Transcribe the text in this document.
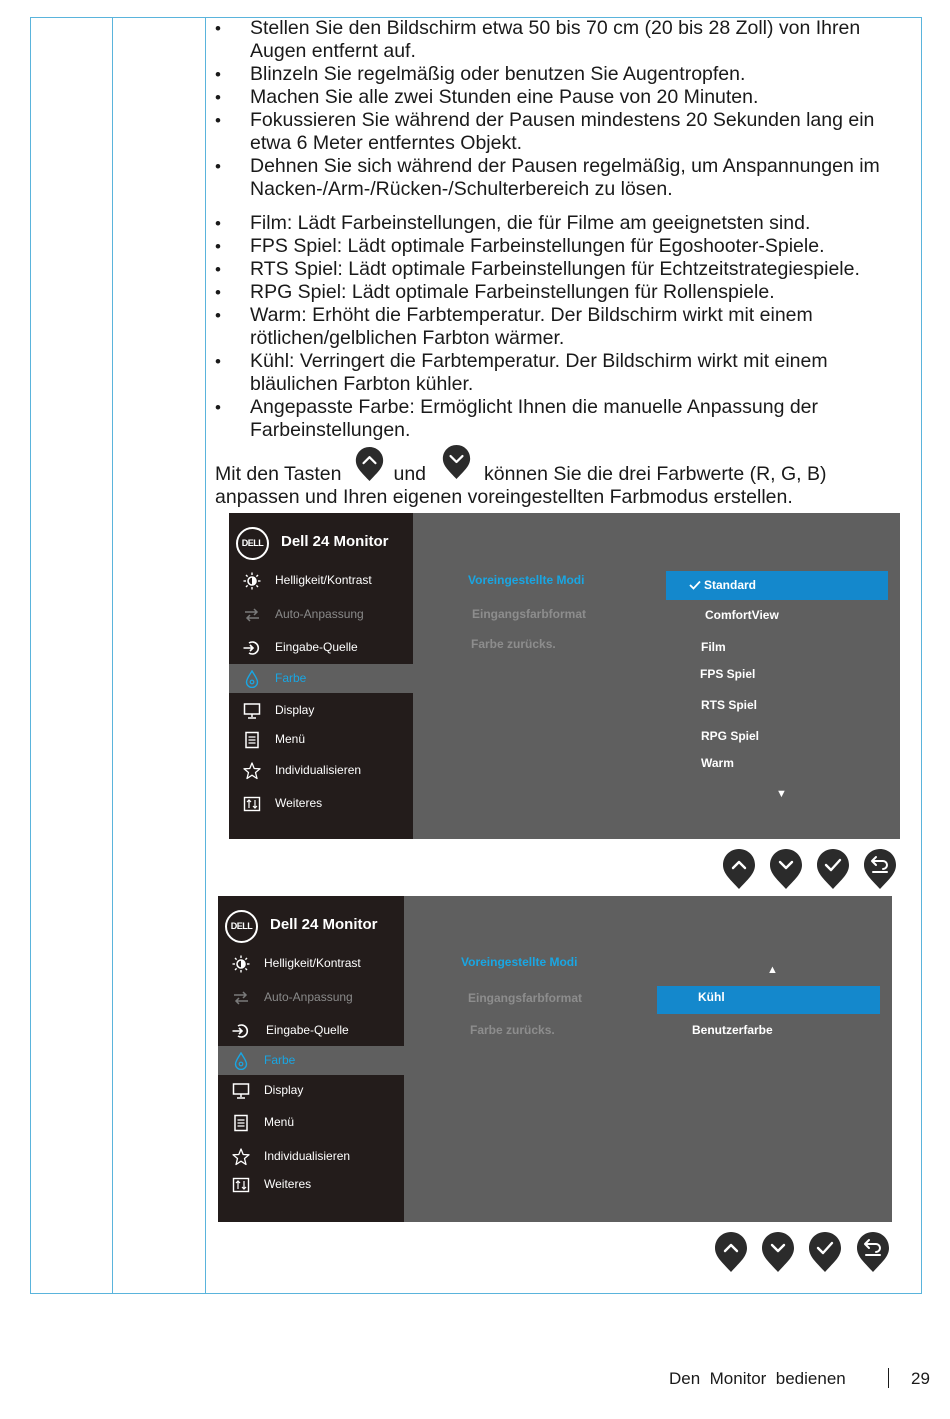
•	Stellen Sie den Bildschirm etwa 50 bis 70 cm (20 bis 28 Zoll) von Ihren Augen entfernt auf.
•	Blinzeln Sie regelmäßig oder benutzen Sie Augentropfen.
•	Machen Sie alle zwei Stunden eine Pause von 20 Minuten.
•	Fokussieren Sie während der Pausen mindestens 20 Sekunden lang ein etwa 6 Meter entferntes Objekt.
•	Dehnen Sie sich während der Pausen regelmäßig, um Anspannungen im Nacken-/Arm-/Rücken-/Schulterbereich zu lösen.
•	Film: Lädt Farbeinstellungen, die für Filme am geeignetsten sind.
•	FPS Spiel: Lädt optimale Farbeinstellungen für Egoshooter-Spiele.
•	RTS Spiel: Lädt optimale Farbeinstellungen für Echtzeitstrategiespiele.
•	RPG Spiel: Lädt optimale Farbeinstellungen für Rollenspiele.
•	Warm: Erhöht die Farbtemperatur. Der Bildschirm wirkt mit einem rötlichen/gelblichen Farbton wärmer.
•	Kühl: Verringert die Farbtemperatur. Der Bildschirm wirkt mit einem bläulichen Farbton kühler.
•	Angepasste Farbe: Ermöglicht Ihnen die manuelle Anpassung der Farbeinstellungen.
Mit den Tasten	und	können Sie die drei Farbwerte (R, G, B)
anpassen und Ihren eigenen voreingestellten Farbmodus erstellen.
DELL	Dell 24 Monitor
Helligkeit/Kontrast
Auto-Anpassung
Eingabe-Quelle
Farbe
Display
Menü
Individualisieren
Weiteres
Voreingestellte Modi
Eingangsfarbformat
Farbe zurücks.
Standard
ComfortView
Film
FPS Spiel
RTS Spiel
RPG Spiel
Warm
▼
DELL	Dell 24 Monitor
Helligkeit/Kontrast
Auto-Anpassung
Eingabe-Quelle
Farbe
Display
Menü
Individualisieren
Weiteres
Voreingestellte Modi
Eingangsfarbformat
Farbe zurücks.
▲
Kühl
Benutzerfarbe
Den  Monitor  bedienen	29
